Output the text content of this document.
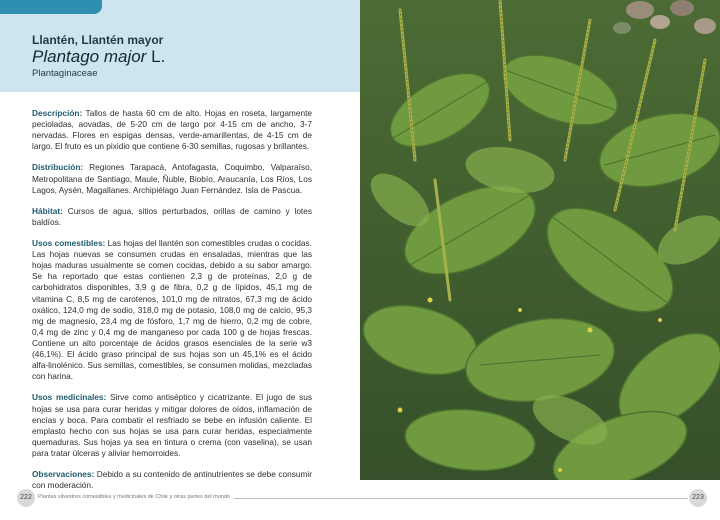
Llantén, Llantén mayor
Plantago major L.
Plantaginaceae

Descripción: Tallos de hasta 60 cm de alto. Hojas en roseta, largamente pecioladas, aovadas, de 5-20 cm de largo por 4-15 cm de ancho, 3-7 nervadas. Flores en espigas densas, verde-amarillentas, de 4-15 cm de largo. El fruto es un pixidio que contiene 6-30 semillas, rugosas y brillantes.

Distribución: Regiones Tarapacá, Antofagasta, Coquimbo, Valparaíso, Metropolitana de Santiago, Maule, Ñuble, Biobío, Araucanía, Los Ríos, Los Lagos, Aysén, Magallanes. Archipiélago Juan Fernández. Isla de Pascua.

Hábitat: Cursos de agua, sitios perturbados, orillas de camino y lotes baldíos.

Usos comestibles: Las hojas del llantén son comestibles crudas o cocidas. Las hojas nuevas se consumen crudas en ensaladas, mientras que las hojas maduras usualmente se comen cocidas, debido a su sabor amargo. Se ha reportado que estas contienen 2,3 g de proteínas, 2,0 g de carbohidratos disponibles, 3,9 g de fibra, 0,2 g de lípidos, 45,1 mg de vitamina C, 8,5 mg de carotenos, 101,0 mg de nitratos, 67,3 mg de ácido oxálico, 124,0 mg de sodio, 318,0 mg de potasio, 108,0 mg de calcio, 95,3 mg de magnesio, 23,4 mg de fósforo, 1,7 mg de hierro, 0,2 mg de cobre, 0,4 mg de zinc y 0,4 mg de manganeso por cada 100 g de hojas frescas. Contiene un alto porcentaje de ácidos grasos esenciales de la serie w3 (46,1%). El ácido graso principal de sus hojas son un 45,1% es el ácido alfa-linolénico. Sus semillas, comestibles, se consumen molidas, mezcladas con harina.

Usos medicinales: Sirve como antiséptico y cicatrizante. El jugo de sus hojas se usa para curar heridas y mitigar dolores de oídos, inflamación de encías y boca. Para combatir el resfriado se bebe en infusión caliente. El emplasto hecho con sus hojas se usa para curar heridas, especialmente quemaduras. Sus hojas ya sea en tintura o crema (con vaselina), se usan para tratar úlceras y aliviar hemorroides.

Observaciones: Debido a su contenido de antinutrientes se debe consumir con moderación.

222	Plantas silvestres comestibles y medicinales de Chile y otras partes del mundo	223
